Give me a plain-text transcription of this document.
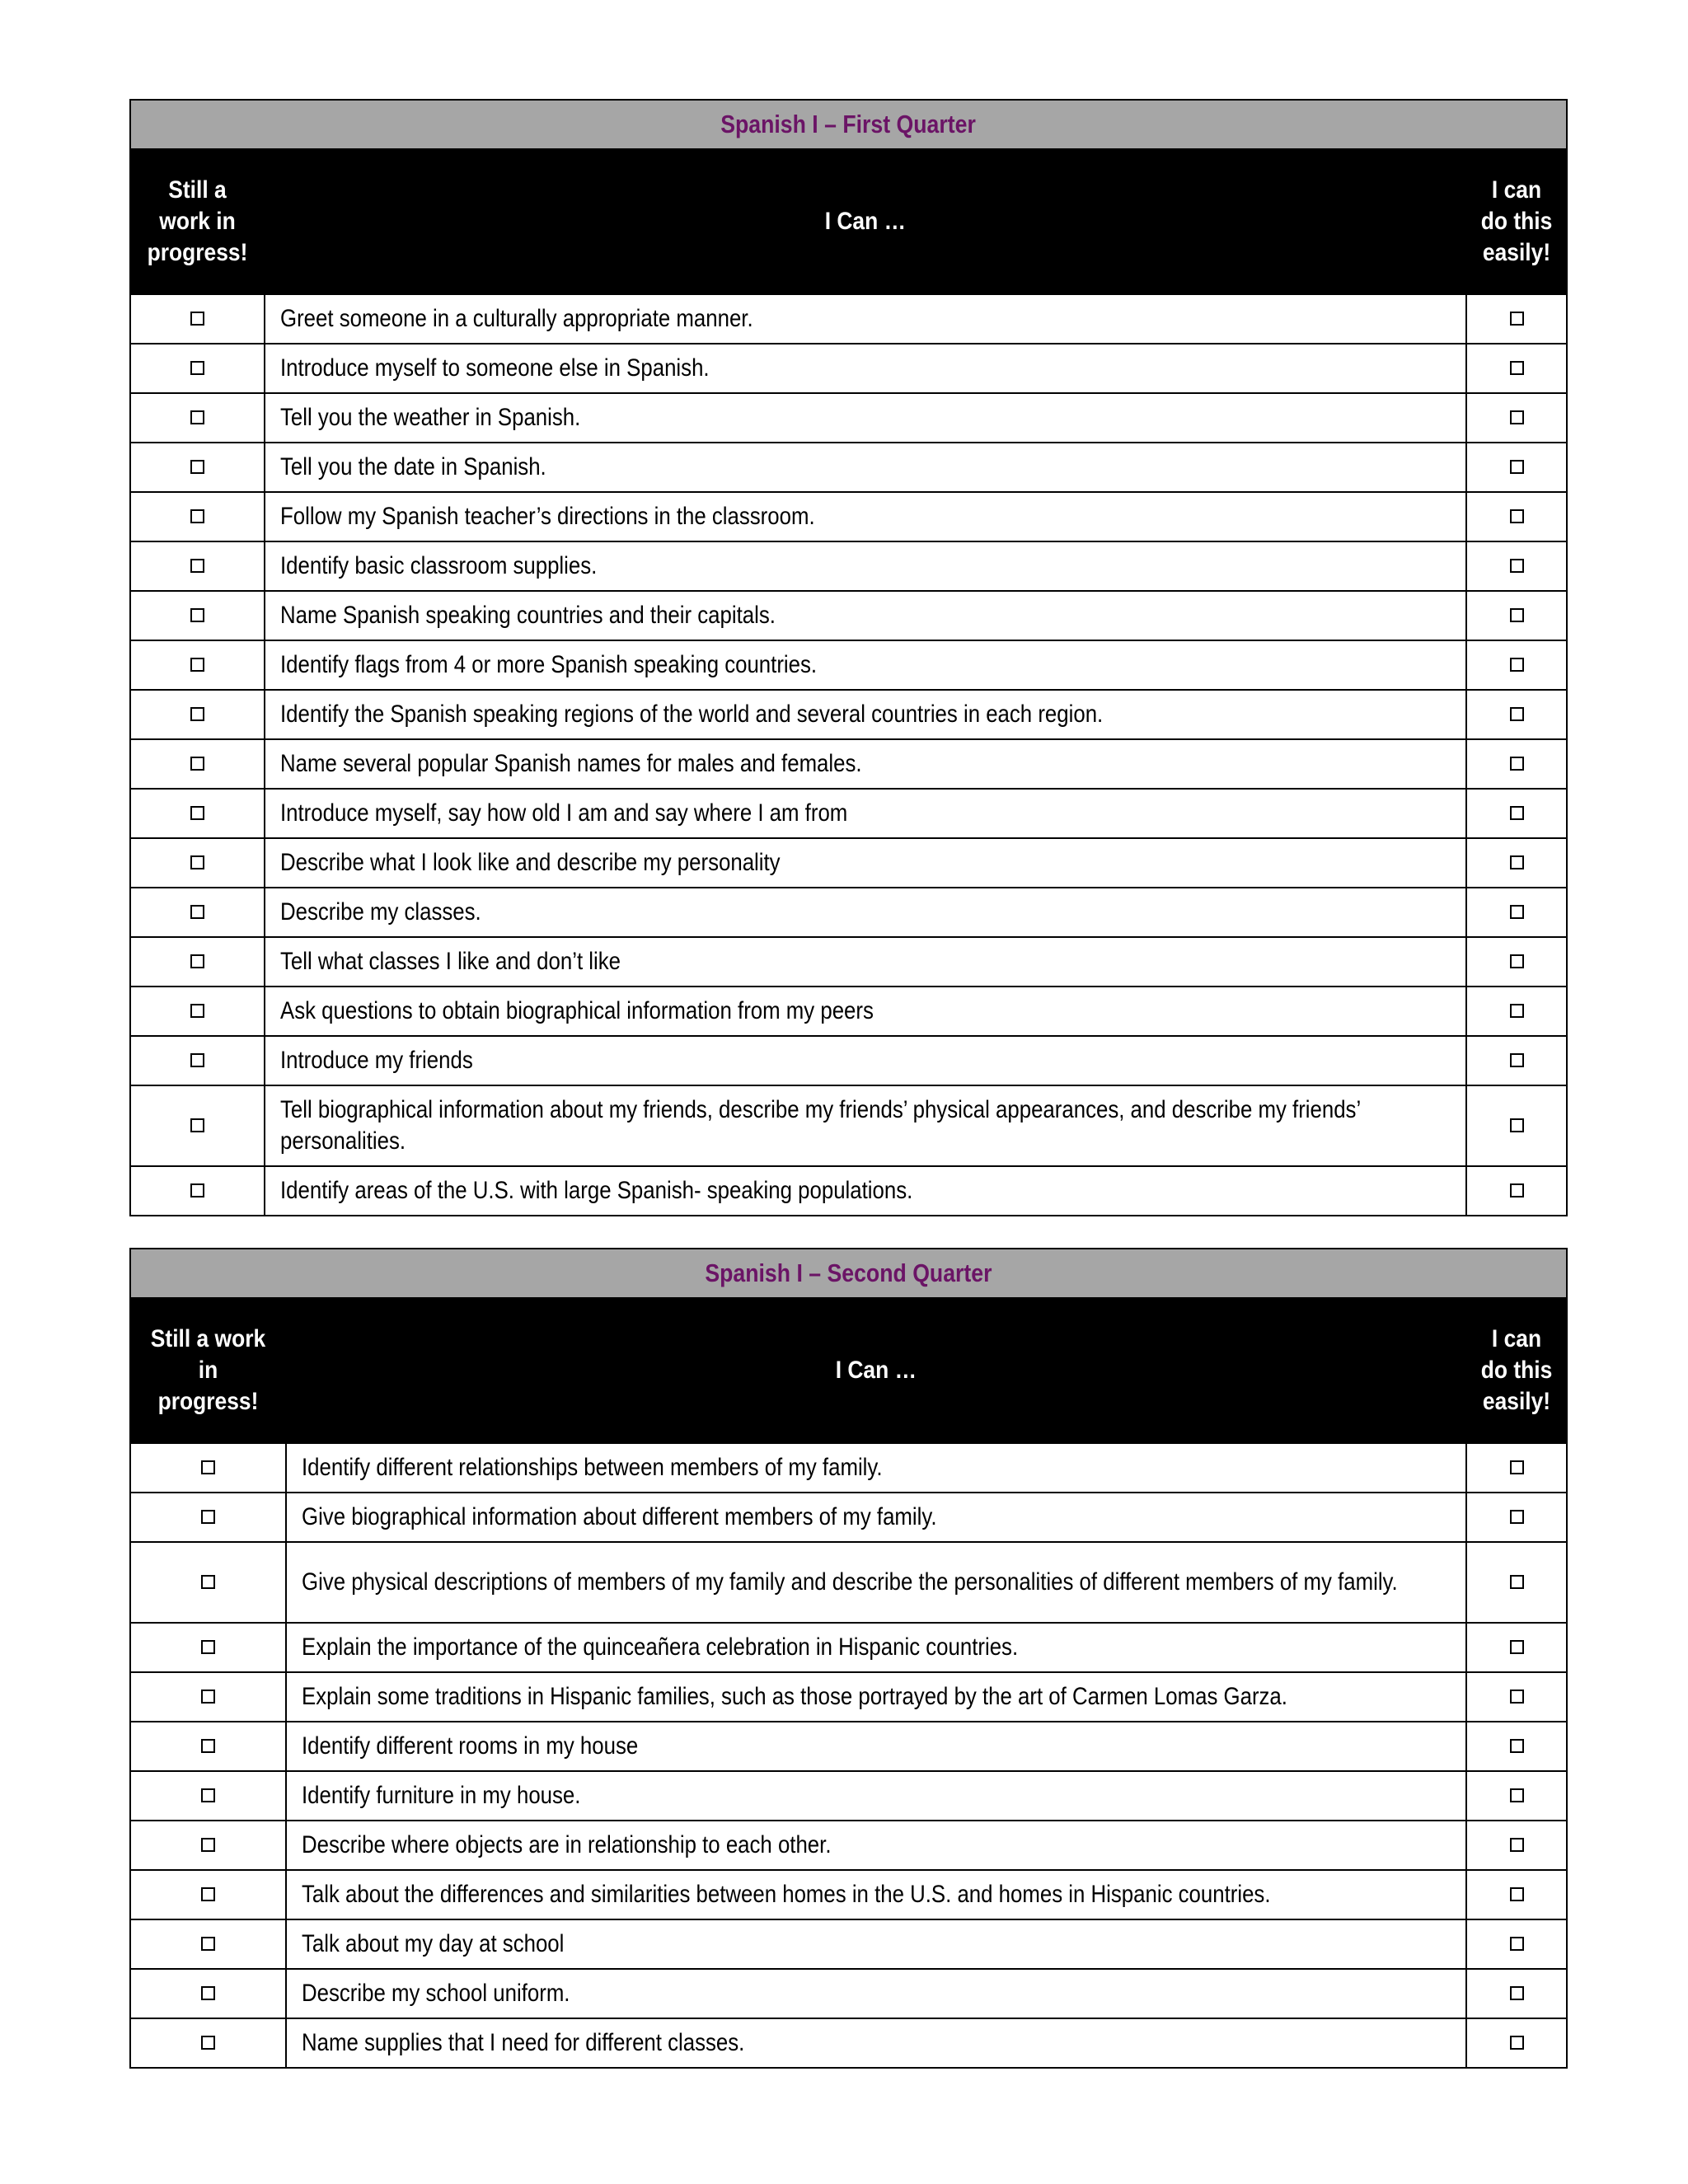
Spanish I – First Quarter		
Still a work in progress!	I Can …	I can do this easily!
	Greet someone in a culturally appropriate manner.	
	Introduce myself to someone else in Spanish.	
	Tell you the weather in Spanish.	
	Tell you the date in Spanish.	
	Follow my Spanish teacher’s directions in the classroom.	
	Identify basic classroom supplies.	
	Name Spanish speaking countries and their capitals.	
	Identify flags from 4 or more Spanish speaking countries.	
	Identify the Spanish speaking regions of the world and several countries in each region.	
	Name several popular Spanish names for males and females.	
	Introduce myself, say how old I am and say where I am from	
	Describe what I look like and describe my personality	
	Describe my classes.	
	Tell what classes I like and don’t like	
	Ask questions to obtain biographical information from my peers	
	Introduce my friends	
	Tell biographical information about my friends, describe my friends’ physical appearances, and describe my friends’ personalities.	
	Identify areas of the U.S. with large Spanish- speaking populations.	
Spanish I – Second Quarter		
Still a work in progress!	I Can …	I can do this easily!
	Identify different relationships between members of my family.	
	Give biographical information about different members of my family.	
	Give physical descriptions of members of my family and describe the personalities of different members of my family.	
	Explain the importance of the quinceañera celebration in Hispanic countries.	
	Explain some traditions in Hispanic families, such as those portrayed by the art of Carmen Lomas Garza.	
	Identify different rooms in my house	
	Identify furniture in my house.	
	Describe where objects are in relationship to each other.	
	Talk about the differences and similarities between homes in the U.S. and homes in Hispanic countries.	
	Talk about my day at school	
	Describe my school uniform.	
	Name supplies that I need for different classes.	
